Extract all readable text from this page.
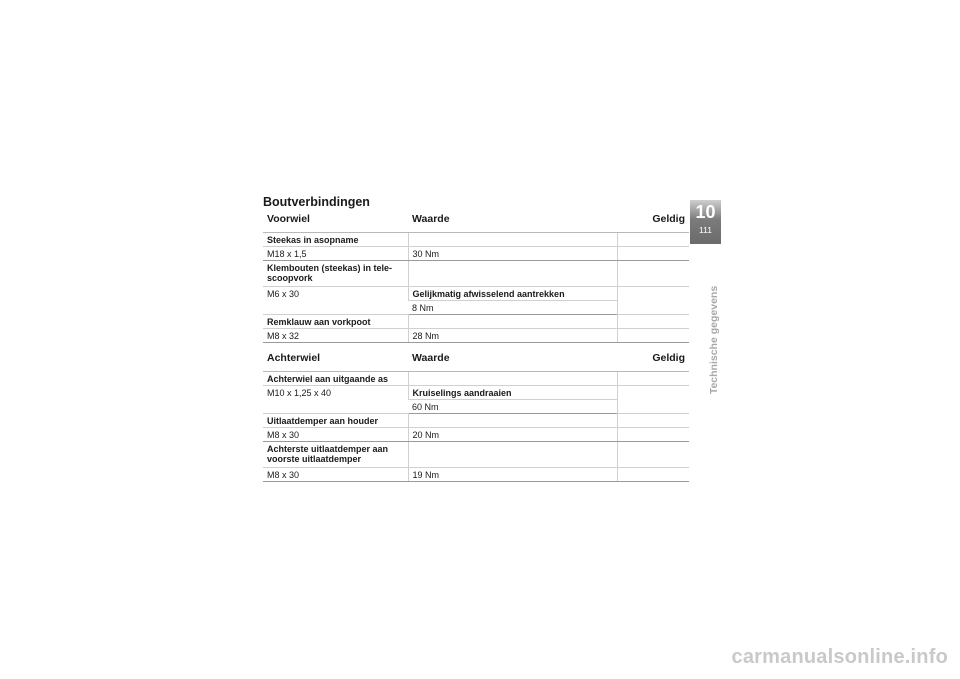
Boutverbindingen
Voorwiel	Waarde	Geldig
Steekas in asopname		
M18 x 1,5	30 Nm	
Klembouten (steekas) in tele-scoopvork		
M6 x 30	Gelijkmatig afwisselend aantrekken	
	8 Nm	
Remklauw aan vorkpoot		
M8 x 32	28 Nm	
Achterwiel	Waarde	Geldig
Achterwiel aan uitgaande as		
M10 x 1,25 x 40	Kruiselings aandraaien	
	60 Nm	
Uitlaatdemper aan houder		
M8 x 30	20 Nm	
Achterste uitlaatdemper aan voorste uitlaatdemper		
M8 x 30	19 Nm	
10
111
Technische gegevens
carmanualsonline.info
